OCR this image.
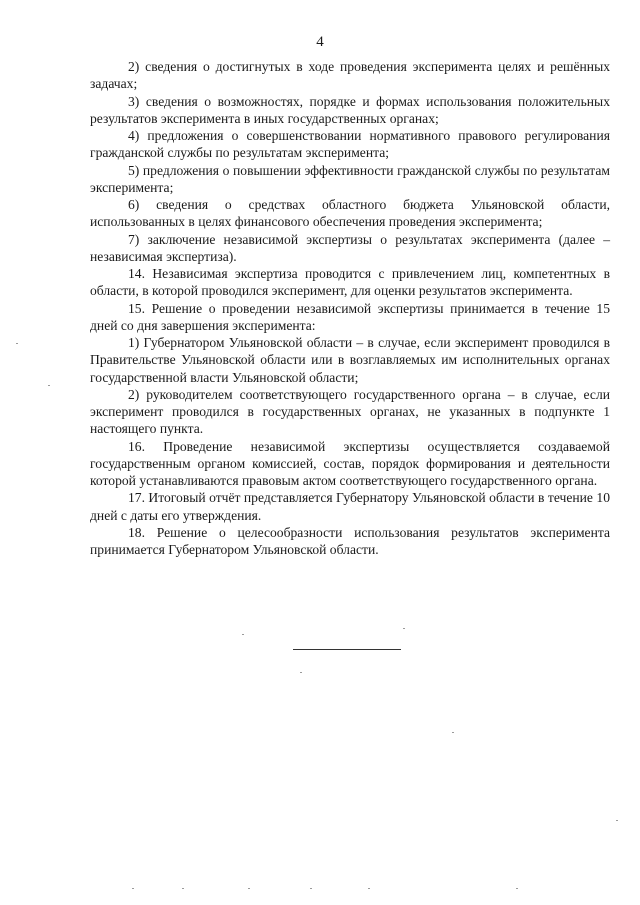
4

2) сведения о достигнутых в ходе проведения эксперимента целях и решённых задачах;

3) сведения о возможностях, порядке и формах использования положительных результатов эксперимента в иных государственных органах;

4) предложения о совершенствовании нормативного правового регулирования гражданской службы по результатам эксперимента;

5) предложения о повышении эффективности гражданской службы по результатам эксперимента;

6) сведения о средствах областного бюджета Ульяновской области, использованных в целях финансового обеспечения проведения эксперимента;

7) заключение независимой экспертизы о результатах эксперимента (далее – независимая экспертиза).

14. Независимая экспертиза проводится с привлечением лиц, компетентных в области, в которой проводился эксперимент, для оценки результатов эксперимента.

15. Решение о проведении независимой экспертизы принимается в течение 15 дней со дня завершения эксперимента:

1) Губернатором Ульяновской области – в случае, если эксперимент проводился в Правительстве Ульяновской области или в возглавляемых им исполнительных органах государственной власти Ульяновской области;

2) руководителем соответствующего государственного органа – в случае, если эксперимент проводился в государственных органах, не указанных в подпункте 1 настоящего пункта.

16. Проведение независимой экспертизы осуществляется создаваемой государственным органом комиссией, состав, порядок формирования и деятельности которой устанавливаются правовым актом соответствующего государственного органа.

17. Итоговый отчёт представляется Губернатору Ульяновской области в течение 10 дней с даты его утверждения.

18. Решение о целесообразности использования результатов эксперимента принимается Губернатором Ульяновской области.
